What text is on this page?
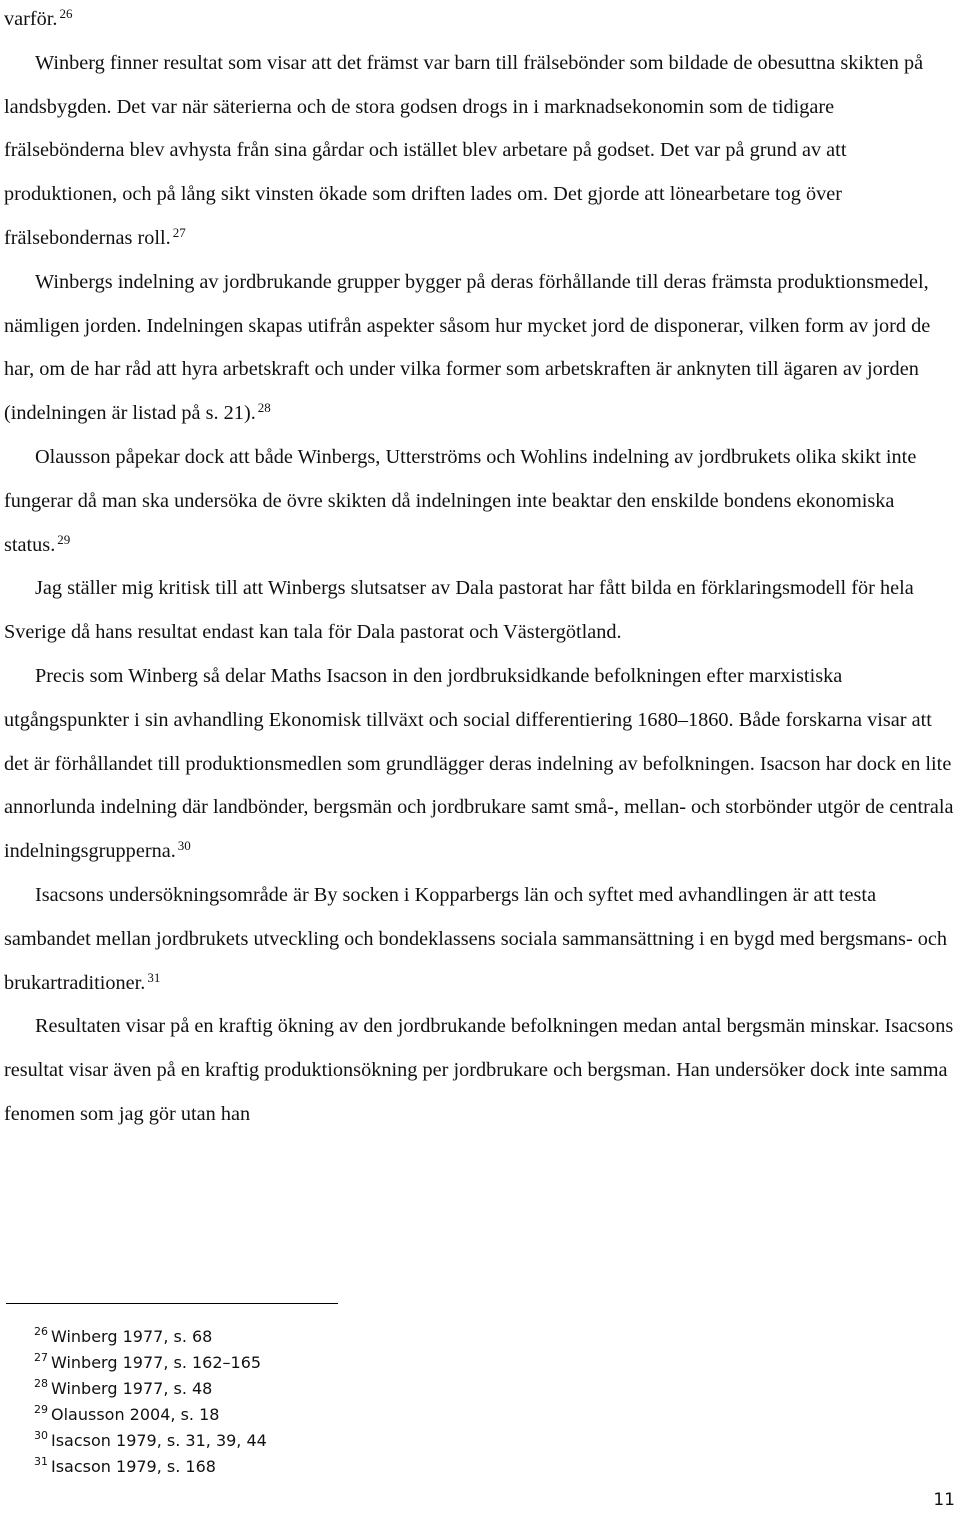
varför. $^{26}$

Winberg finner resultat som visar att det främst var barn till frälsebönder som bildade de obesuttna skikten på landsbygden. Det var när säterierna och de stora godsen drogs in i marknadsekonomin som de tidigare frälsebönderna blev avhysta från sina gårdar och istället blev arbetare på godset. Det var på grund av att produktionen, och på lång sikt vinsten ökade som driften lades om. Det gjorde att lönearbetare tog över frälsebondernas roll. $^{27}$

Winbergs indelning av jordbrukande grupper bygger på deras förhållande till deras främsta produktionsmedel, nämligen jorden. Indelningen skapas utifrån aspekter såsom hur mycket jord de disponerar, vilken form av jord de har, om de har råd att hyra arbetskraft och under vilka former som arbetskraften är anknyten till ägaren av jorden (indelningen är listad på s. 21). $^{28}$

Olausson påpekar dock att både Winbergs, Utterströms och Wohlins indelning av jordbrukets olika skikt inte fungerar då man ska undersöka de övre skikten då indelningen inte beaktar den enskilde bondens ekonomiska status. $^{29}$

Jag ställer mig kritisk till att Winbergs slutsatser av Dala pastorat har fått bilda en förklaringsmodell för hela Sverige då hans resultat endast kan tala för Dala pastorat och Västergötland.

Precis som Winberg så delar Maths Isacson in den jordbruksidkande befolkningen efter marxistiska utgångspunkter i sin avhandling Ekonomisk tillväxt och social differentiering 1680–1860. Både forskarna visar att det är förhållandet till produktionsmedlen som grundlägger deras indelning av befolkningen. Isacson har dock en lite annorlunda indelning där landbönder, bergsmän och jordbrukare samt små-, mellan- och storbönder utgör de centrala indelningsgrupperna. $^{30}$

Isacsons undersökningsområde är By socken i Kopparbergs län och syftet med avhandlingen är att testa sambandet mellan jordbrukets utveckling och bondeklassens sociala sammansättning i en bygd med bergsmans- och brukartraditioner. $^{31}$

Resultaten visar på en kraftig ökning av den jordbrukande befolkningen medan antal bergsmän minskar. Isacsons resultat visar även på en kraftig produktionsökning per jordbrukare och bergsman. Han undersöker dock inte samma fenomen som jag gör utan han

$^{26}$ Winberg 1977, s. 68
$^{27}$ Winberg 1977, s. 162–165
$^{28}$ Winberg 1977, s. 48
$^{29}$ Olausson 2004, s. 18
$^{30}$ Isacson 1979, s. 31, 39, 44
$^{31}$ Isacson 1979, s. 168
11
